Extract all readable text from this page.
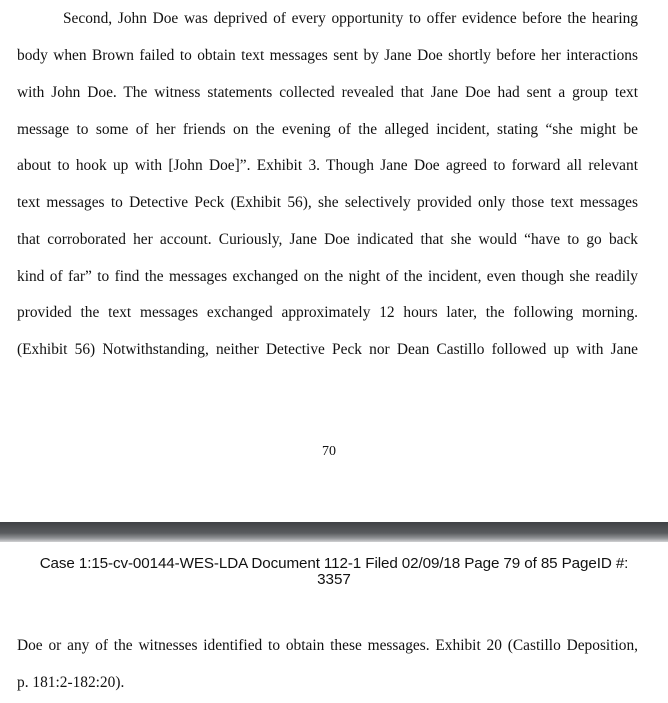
Second, John Doe was deprived of every opportunity to offer evidence before the hearing
body when Brown failed to obtain text messages sent by Jane Doe shortly before her interactions
with John Doe. The witness statements collected revealed that Jane Doe had sent a group text
message to some of her friends on the evening of the alleged incident, stating “she might be
about to hook up with [John Doe]”. Exhibit 3. Though Jane Doe agreed to forward all relevant
text messages to Detective Peck (Exhibit 56), she selectively provided only those text messages
that corroborated her account. Curiously, Jane Doe indicated that she would “have to go back
kind of far” to find the messages exchanged on the night of the incident, even though she readily
provided the text messages exchanged approximately 12 hours later, the following morning.
(Exhibit 56) Notwithstanding, neither Detective Peck nor Dean Castillo followed up with Jane
70
Case 1:15-cv-00144-WES-LDA Document 112-1 Filed 02/09/18 Page 79 of 85 PageID #:
3357
Doe or any of the witnesses identified to obtain these messages. Exhibit 20 (Castillo Deposition,
p. 181:2-182:20).
